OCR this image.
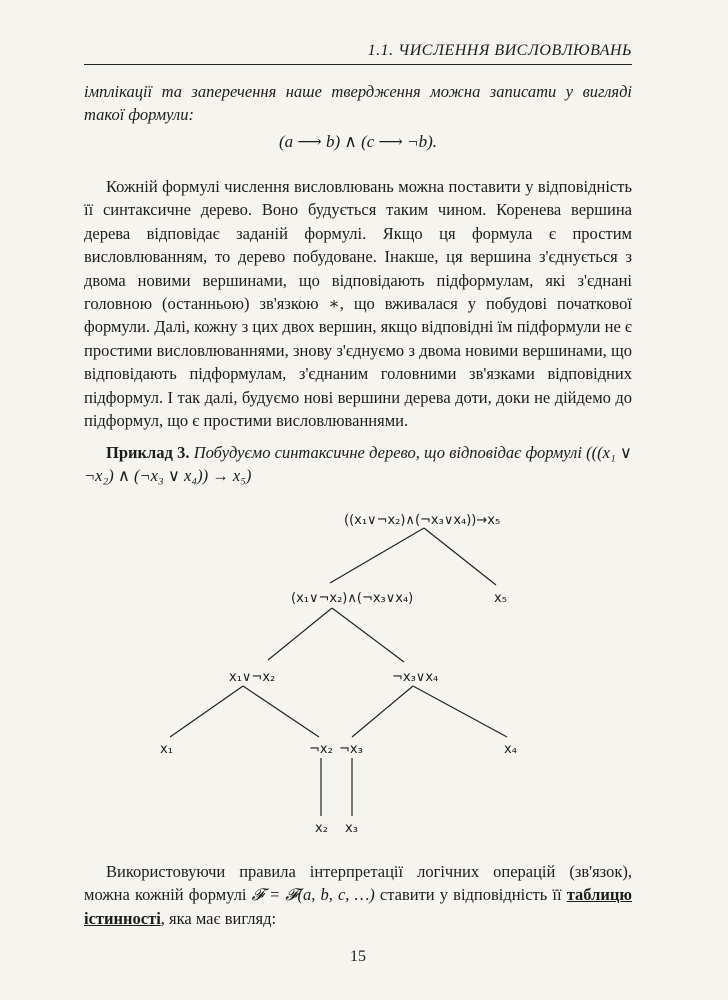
1.1. ЧИСЛЕННЯ ВИСЛОВЛЮВАНЬ
імплікації та заперечення наше твердження можна записати у вигляді такої формули:
(a ⟶ b) ∧ (c ⟶ ¬b).
Кожній формулі числення висловлювань можна поставити у відповідність її синтаксичне дерево. Воно будується таким чином. Коренева вершина дерева відповідає заданій формулі. Якщо ця формула є простим висловлюванням, то дерево побудоване. Інакше, ця вершина з'єднується з двома новими вершинами, що відповідають підформулам, які з'єднані головною (останньою) зв'язкою ∗, що вживалася у побудові початкової формули. Далі, кожну з цих двох вершин, якщо відповідні їм підформули не є простими висловлюваннями, знову з'єднуємо з двома новими вершинами, що відповідають підформулам, з'єднаним головними зв'язками відповідних підформул. І так далі, будуємо нові вершини дерева доти, доки не дійдемо до підформул, що є простими висловлюваннями.
Приклад 3. Побудуємо синтаксичне дерево, що відповідає формулі (((x₁ ∨ ¬x₂) ∧ (¬x₃ ∨ x₄)) → x₅)
((x₁∨¬x₂)∧(¬x₃∨x₄))→x₅
(x₁∨¬x₂)∧(¬x₃∨x₄)	x₅
x₁∨¬x₂	¬x₃∨x₄
x₁	¬x₂ ¬x₃	x₄
x₂ x₃
Використовуючи правила інтерпретації логічних операцій (зв'язок), можна кожній формулі 𝓕 = 𝓕(a, b, c, …) ставити у відповідність її таблицю істинності, яка має вигляд:
15
